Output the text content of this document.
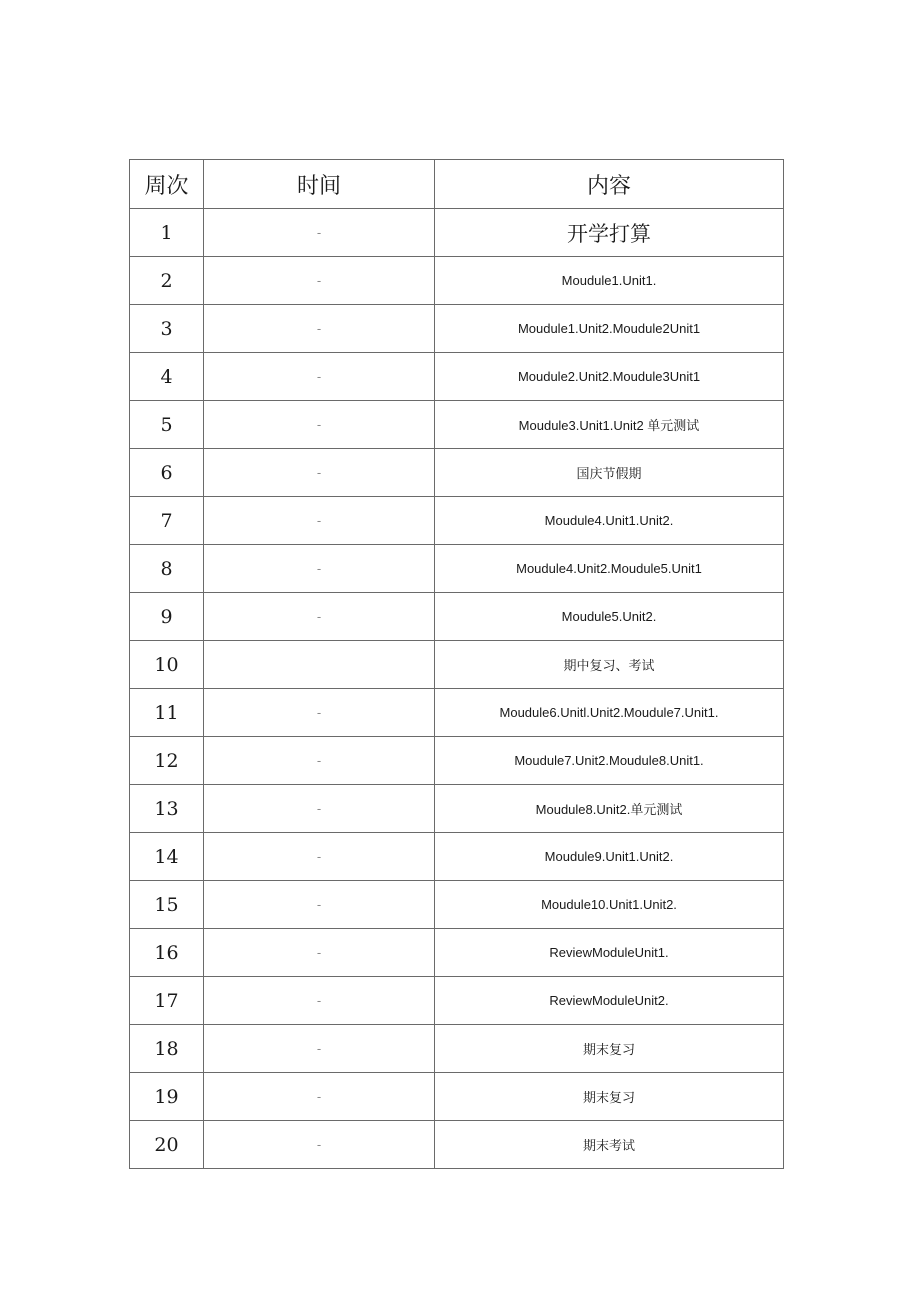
周次	时间	内容
1	-	开学打算
2	-	Moudule1.Unit1.
3	-	Moudule1.Unit2.Moudule2Unit1
4	-	Moudule2.Unit2.Moudule3Unit1
5	-	Moudule3.Unit1.Unit2 单元测试
6	-	国庆节假期
7	-	Moudule4.Unit1.Unit2.
8	-	Moudule4.Unit2.Moudule5.Unit1
9	-	Moudule5.Unit2.
10		期中复习、考试
11	-	Moudule6.Unitl.Unit2.Moudule7.Unit1.
12	-	Moudule7.Unit2.Moudule8.Unit1.
13	-	Moudule8.Unit2.单元测试
14	-	Moudule9.Unit1.Unit2.
15	-	Moudule10.Unit1.Unit2.
16	-	ReviewModuleUnit1.
17	-	ReviewModuleUnit2.
18	-	期末复习
19	-	期末复习
20	-	期末考试
